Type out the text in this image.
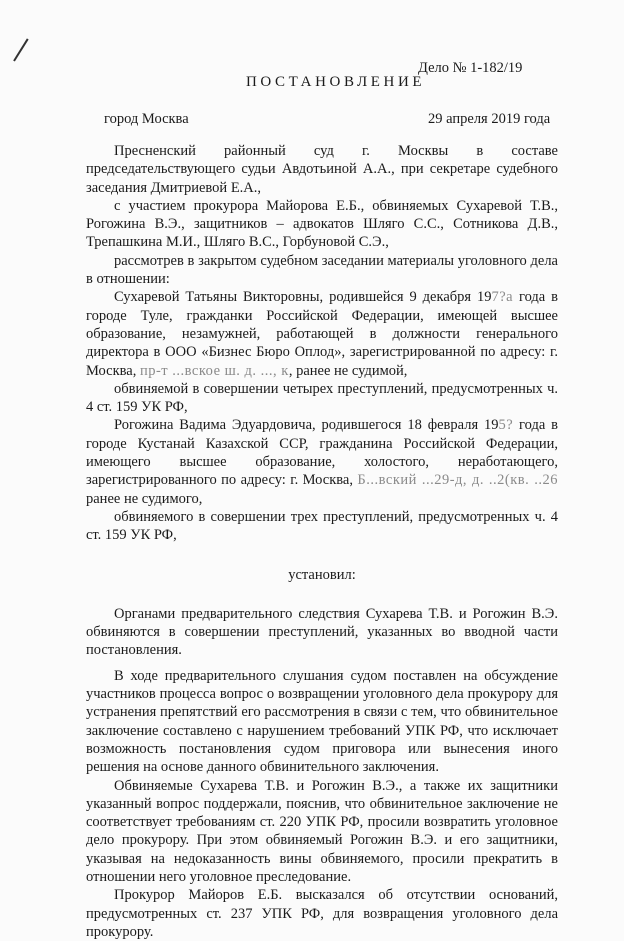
Дело № 1-182/19
ПОСТАНОВЛЕНИЕ
город Москва	29 апреля 2019 года

Пресненский районный суд г. Москвы в составе председательствующего судьи Авдотьиной А.А., при секретаре судебного заседания Дмитриевой Е.А.,

с участием прокурора Майорова Е.Б., обвиняемых Сухаревой Т.В., Рогожина В.Э., защитников – адвокатов Шляго С.С., Сотникова Д.В., Трепашкина М.И., Шляго В.С., Горбуновой С.Э.,

рассмотрев в закрытом судебном заседании материалы уголовного дела в отношении:

Сухаревой Татьяны Викторовны, родившейся 9 декабря 197?а года в городе Туле, гражданки Российской Федерации, имеющей высшее образование, незамужней, работающей в должности генерального директора в ООО «Бизнес Бюро Оплод», зарегистрированной по адресу: г. Москва, пр-т ...вское ш. д. ..., к, ранее не судимой,

обвиняемой в совершении четырех преступлений, предусмотренных ч. 4 ст. 159 УК РФ,

Рогожина Вадима Эдуардовича, родившегося 18 февраля 195? года в городе Кустанай Казахской ССР, гражданина Российской Федерации, имеющего высшее образование, холостого, неработающего, зарегистрированного по адресу: г. Москва, Б...вский ...29-д, д. ..2(кв. ..26 ранее не судимого,

обвиняемого в совершении трех преступлений, предусмотренных ч. 4 ст. 159 УК РФ,

установил:

Органами предварительного следствия Сухарева Т.В. и Рогожин В.Э. обвиняются в совершении преступлений, указанных во вводной части постановления.

В ходе предварительного слушания судом поставлен на обсуждение участников процесса вопрос о возвращении уголовного дела прокурору для устранения препятствий его рассмотрения в связи с тем, что обвинительное заключение составлено с нарушением требований УПК РФ, что исключает возможность постановления судом приговора или вынесения иного решения на основе данного обвинительного заключения.

Обвиняемые Сухарева Т.В. и Рогожин В.Э., а также их защитники указанный вопрос поддержали, пояснив, что обвинительное заключение не соответствует требованиям ст. 220 УПК РФ, просили возвратить уголовное дело прокурору. При этом обвиняемый Рогожин В.Э. и его защитники, указывая на недоказанность вины обвиняемого, просили прекратить в отношении него уголовное преследование.

Прокурор Майоров Е.Б. высказался об отсутствии оснований, предусмотренных ст. 237 УПК РФ, для возвращения уголовного дела прокурору.
